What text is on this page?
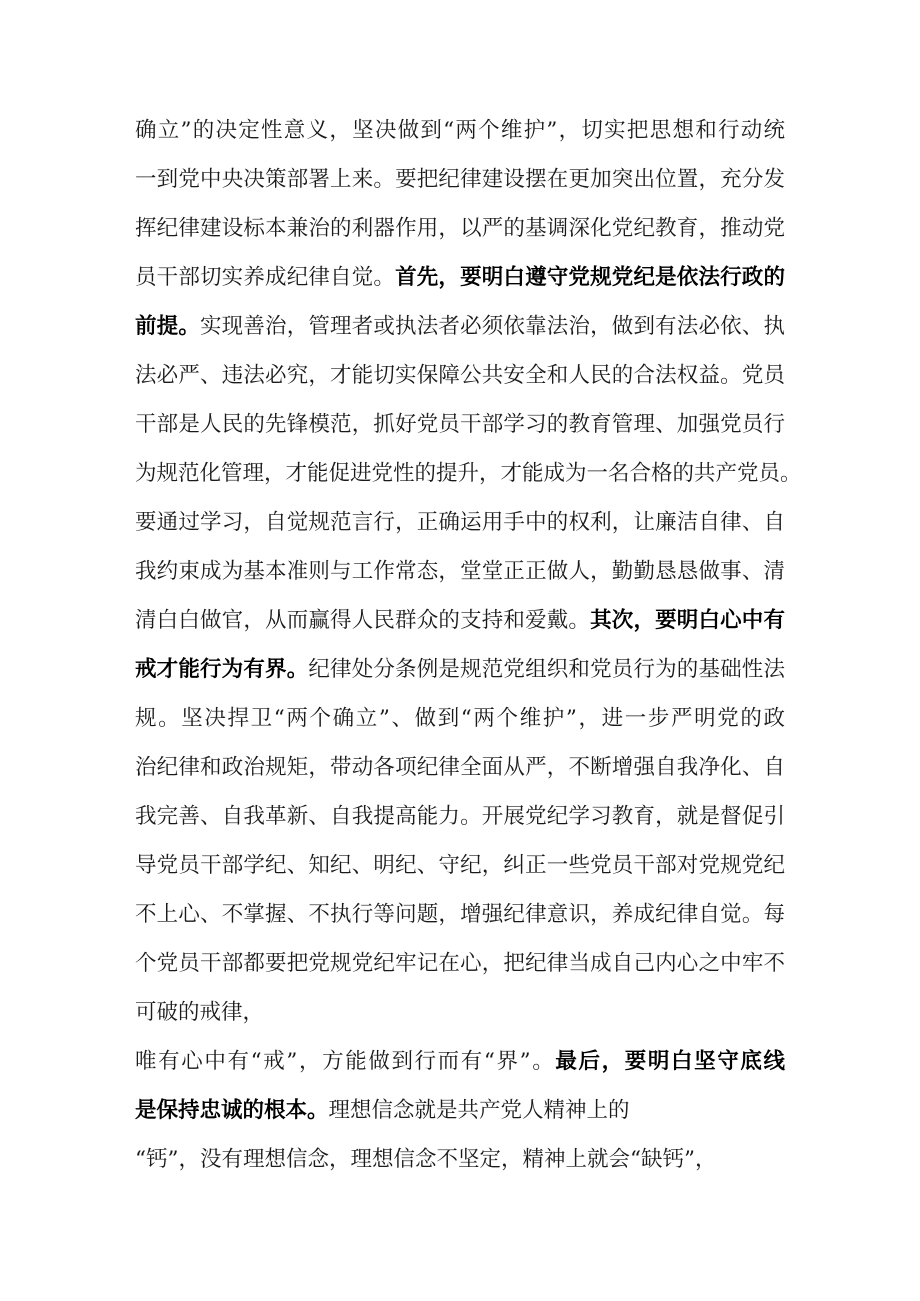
确立”的决定性意义，坚决做到“两个维护”，切实把思想和行动统
一到党中央决策部署上来。要把纪律建设摆在更加突出位置，充分发
挥纪律建设标本兼治的利器作用，以严的基调深化党纪教育，推动党
员干部切实养成纪律自觉。首先，要明白遵守党规党纪是依法行政的
前提。实现善治，管理者或执法者必须依靠法治，做到有法必依、执
法必严、违法必究，才能切实保障公共安全和人民的合法权益。党员
干部是人民的先锋模范，抓好党员干部学习的教育管理、加强党员行
为规范化管理，才能促进党性的提升，才能成为一名合格的共产党员。
要通过学习，自觉规范言行，正确运用手中的权利，让廉洁自律、自
我约束成为基本准则与工作常态，堂堂正正做人，勤勤恳恳做事、清
清白白做官，从而赢得人民群众的支持和爱戴。其次，要明白心中有
戒才能行为有界。纪律处分条例是规范党组织和党员行为的基础性法
规。坚决捍卫“两个确立”、做到“两个维护”，进一步严明党的政
治纪律和政治规矩，带动各项纪律全面从严，不断增强自我净化、自
我完善、自我革新、自我提高能力。开展党纪学习教育，就是督促引
导党员干部学纪、知纪、明纪、守纪，纠正一些党员干部对党规党纪
不上心、不掌握、不执行等问题，增强纪律意识，养成纪律自觉。每
个党员干部都要把党规党纪牢记在心，把纪律当成自己内心之中牢不
可破的戒律，
唯有心中有“戒”，方能做到行而有“界”。最后，要明白坚守底线
是保持忠诚的根本。理想信念就是共产党人精神上的
“钙”，没有理想信念，理想信念不坚定，精神上就会“缺钙”，
